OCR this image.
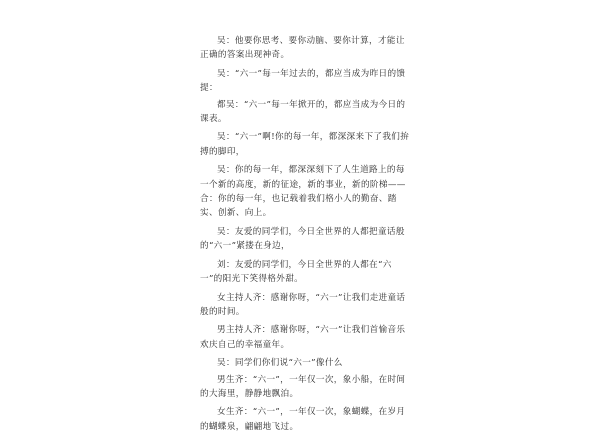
吴：他要你思考、要你动脑、要你计算，才能让正确的答案出现神奇。

吴：“六一”每一年过去的，都应当成为昨日的馈提：

都吴：“六一”每一年掀开的，都应当成为今日的课表。

吴：“六一”啊!你的每一年，都深深来下了我们拚搏的脚印，

吴：你的每一年，都深深刻下了人生道路上的每一个新的高度，新的征途，新的事业，新的阶梯——合：你的每一年，也记载着我们格小人的勤奋、踏实、创新、向上。

吴：友爱的同学们，今日全世界的人都把童话般的“六一”紧搂在身边，

刘：友爱的同学们，今日全世界的人都在“六一”的阳光下笑得格外甜。

女主持人齐：感谢你呀，“六一”让我们走进童话般的时间。

男主持人齐：感谢你呀，“六一”让我们首愉音乐欢庆自己的幸福童年。

吴：同学们你们说“六一”像什么

男生齐：“六一”，一年仅一次，象小船，在时间的大海里，静静地飘泊。

女生齐：“六一”，一年仅一次，象蝴蝶，在岁月的蝴蝶泉，翩翩地飞过。
